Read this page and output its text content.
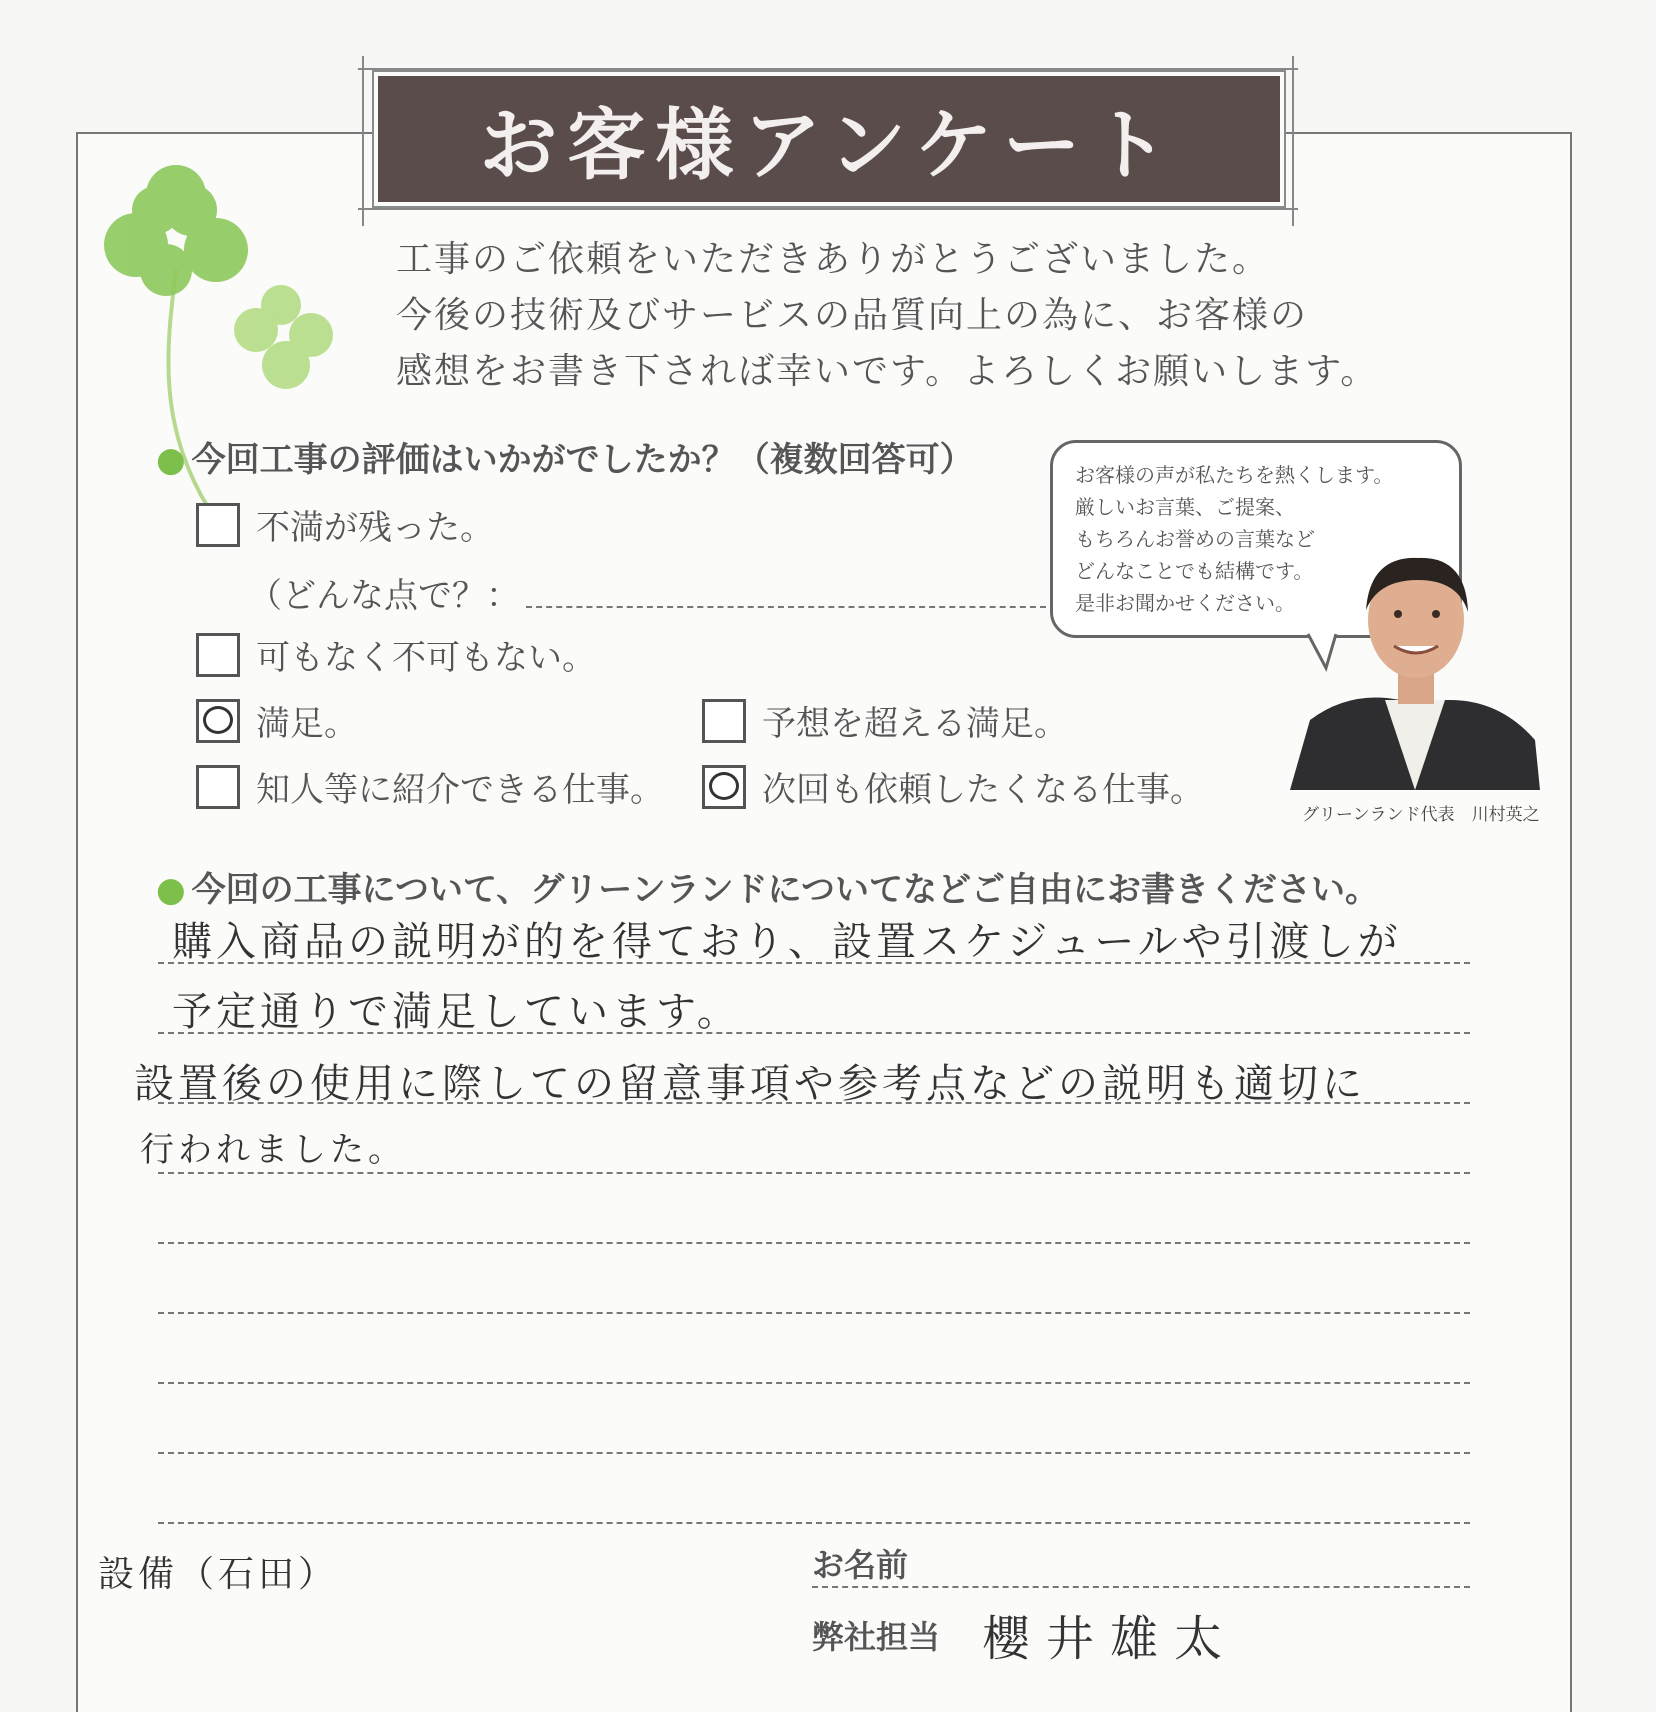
お客様アンケート

工事のご依頼をいただきありがとうございました。

今後の技術及びサービスの品質向上の為に、お客様の

感想をお書き下されば幸いです。よろしくお願いします。

● 今回工事の評価はいかがでしたか？（複数回答可）
不満が残った。
（どんな点で？：
可もなく不可もない。
満足。	予想を超える満足。
知人等に紹介できる仕事。	次回も依頼したくなる仕事。
お客様の声が私たちを熱くします。
厳しいお言葉、ご提案、
もちろんお誉めの言葉など
どんなことでも結構です。
是非お聞かせください。
グリーンランド代表　川村英之
● 今回の工事について、グリーンランドについてなどご自由にお書きください。
購入商品の説明が的を得ており、設置スケジュールや引渡しが
予定通りで満足しています。
設置後の使用に際しての留意事項や参考点などの説明も適切に
行われました。
設備（石田）	お名前
弊社担当 櫻井雄太
